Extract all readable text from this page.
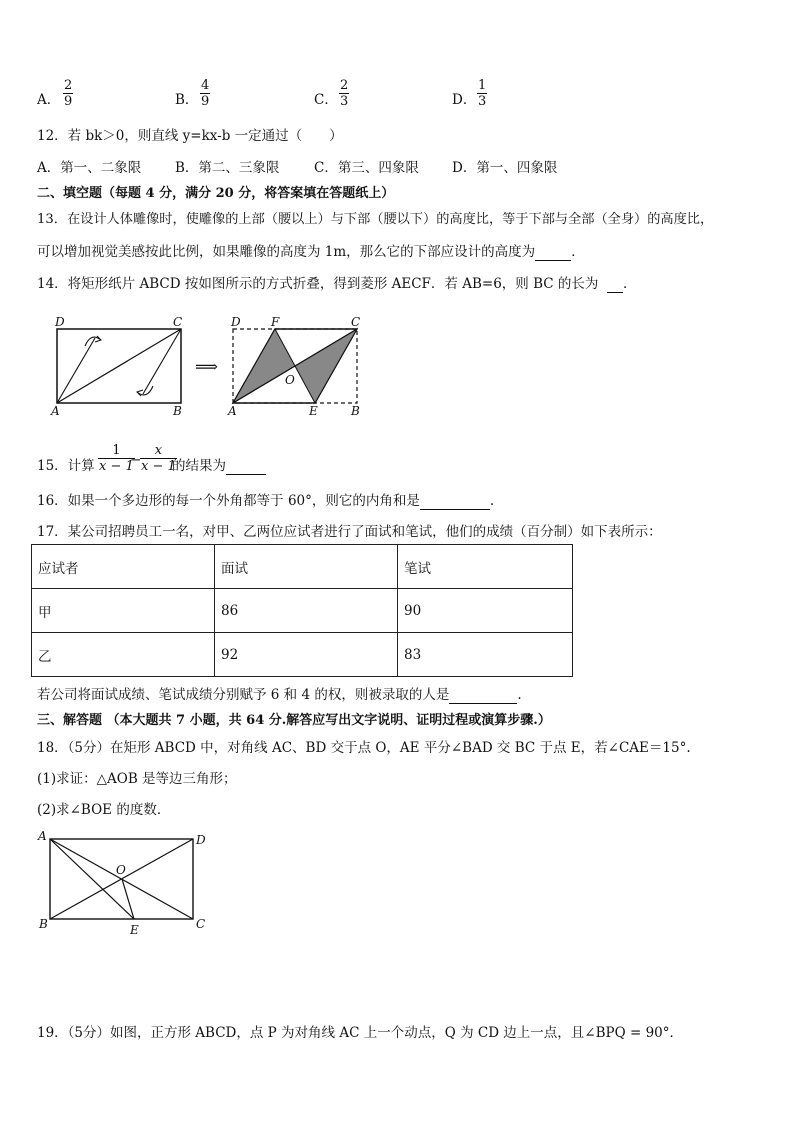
A． $\frac{2}{9}$	B． $\frac{4}{9}$	C． $\frac{2}{3}$	D． $\frac{1}{3}$
12．若 bk＞0，则直线 y=kx-b 一定通过（　　）
A．第一、二象限	B．第二、三象限	C．第三、四象限 D．第一、四象限
二、填空题（每题 4 分，满分 20 分，将答案填在答题纸上）
13．在设计人体雕像时，使雕像的上部（腰以上）与下部（腰以下）的高度比，等于下部与全部（全身）的高度比，
可以增加视觉美感按此比例，如果雕像的高度为 1m，那么它的下部应设计的高度为	．
14．将矩形纸片 ABCD 按如图所示的方式折叠，得到菱形 AECF．若 AB=6，则 BC 的长为 ．
D	C
A	B
⟹
D	F	C
O
A	E	B
15．计算 $\frac{1}{x - 1}$
−
$\frac{x}{x - 1}$
的结果为
16．如果一个多边形的每一个外角都等于 60°，则它的内角和是	.
17．某公司招聘员工一名，对甲、乙两位应试者进行了面试和笔试，他们的成绩（百分制）如下表所示：
应试者	面试	笔试
甲	86	90
乙	92	83
若公司将面试成绩、笔试成绩分别赋予 6 和 4 的权，则被录取的人是	.
三、解答题 （本大题共 7 小题，共 64 分.解答应写出文字说明、证明过程或演算步骤.）
18．（5分）在矩形 ABCD 中，对角线 AC、BD 交于点 O，AE 平分∠BAD 交 BC 于点 E，若∠CAE＝15°.
(1)求证：△AOB 是等边三角形；
(2)求∠BOE 的度数．
A	D
B	C
O
E
19．（5分）如图，正方形 ABCD，点 P 为对角线 AC 上一个动点，Q 为 CD 边上一点，且∠BPQ = 90°．
